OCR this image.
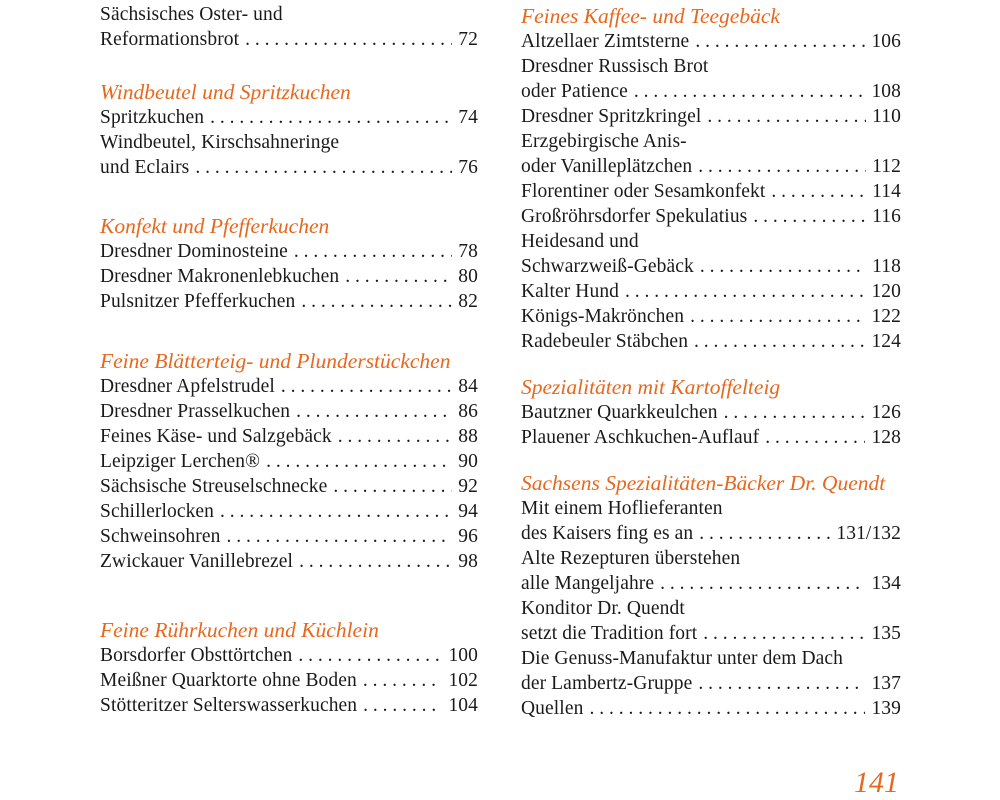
Sächsisches Oster- und
Reformationsbrot . . .	72
Windbeutel und Spritzkuchen
Spritzkuchen . . .	74
Windbeutel, Kirschsahneringe
und Eclairs . . .	76
Konfekt und Pfefferkuchen
Dresdner Dominosteine . . .	78
Dresdner Makronenlebkuchen . . .	80
Pulsnitzer Pfefferkuchen . . .	82
Feine Blätterteig- und Plunderstückchen
Dresdner Apfelstrudel . . .	84
Dresdner Prasselkuchen . . .	86
Feines Käse- und Salzgebäck . . .	88
Leipziger Lerchen® . . .	90
Sächsische Streuselschnecke . . .	92
Schillerlocken . . .	94
Schweinsohren . . .	96
Zwickauer Vanillebrezel . . .	98
Feine Rührkuchen und Küchlein
Borsdorfer Obsttörtchen . . .	100
Meißner Quarktorte ohne Boden . . .	102
Stötteritzer Selterswasserkuchen . . .	104
Feines Kaffee- und Teegebäck
Altzellaer Zimtsterne . . .	106
Dresdner Russisch Brot
oder Patience . . .	108
Dresdner Spritzkringel . . .	110
Erzgebirgische Anis-
oder Vanilleplätzchen . . .	112
Florentiner oder Sesamkonfekt . . .	114
Großröhrsdorfer Spekulatius . . .	116
Heidesand und
Schwarzweiß-Gebäck . . .	118
Kalter Hund . . .	120
Königs-Makrönchen . . .	122
Radebeuler Stäbchen . . .	124
Spezialitäten mit Kartoffelteig
Bautzner Quarkkeulchen . . .	126
Plauener Aschkuchen-Auflauf . . .	128
Sachsens Spezialitäten-Bäcker Dr. Quendt
Mit einem Hoflieferanten
des Kaisers fing es an . . .	131/132
Alte Rezepturen überstehen
alle Mangeljahre . . .	134
Konditor Dr. Quendt
setzt die Tradition fort . . .	135
Die Genuss-Manufaktur unter dem Dach
der Lambertz-Gruppe . . .	137
Quellen . . .	139
141
